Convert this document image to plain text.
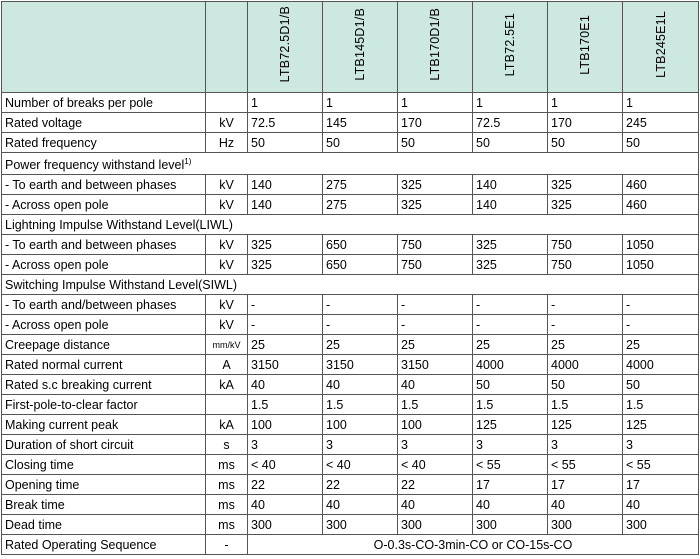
		LTB72.5D1/B	LTB145D1/B	LTB170D1/B	LTB72.5E1	LTB170E1	LTB245E1L
Number of breaks per pole		1	1	1	1	1	1
Rated voltage	kV	72.5	145	170	72.5	170	245
Rated frequency	Hz	50	50	50	50	50	50
Power frequency withstand level$^{1)}$
- To earth and between phases	kV	140	275	325	140	325	460
- Across open pole	kV	140	275	325	140	325	460
Lightning Impulse Withstand Level(LIWL)							
- To earth and between phases	kV	325	650	750	325	750	1050
- Across open pole	kV	325	650	750	325	750	1050
Switching Impulse Withstand Level(SIWL)							
- To earth and/between phases	kV	-	-	-	-	-	-
- Across open pole	kV	-	-	-	-	-	-
Creepage distance	mm/kV	25	25	25	25	25	25
Rated normal current	A	3150	3150	3150	4000	4000	4000
Rated s.c breaking current	kA	40	40	40	50	50	50
First-pole-to-clear factor		1.5	1.5	1.5	1.5	1.5	1.5
Making current peak	kA	100	100	100	125	125	125
Duration of short circuit	s	3	3	3	3	3	3
Closing time	ms	< 40	< 40	< 40	< 55	< 55	< 55
Opening time	ms	22	22	22	17	17	17
Break time	ms	40	40	40	40	40	40
Dead time	ms	300	300	300	300	300	300
Rated Operating Sequence	-	O-0.3s-CO-3min-CO or CO-15s-CO					
